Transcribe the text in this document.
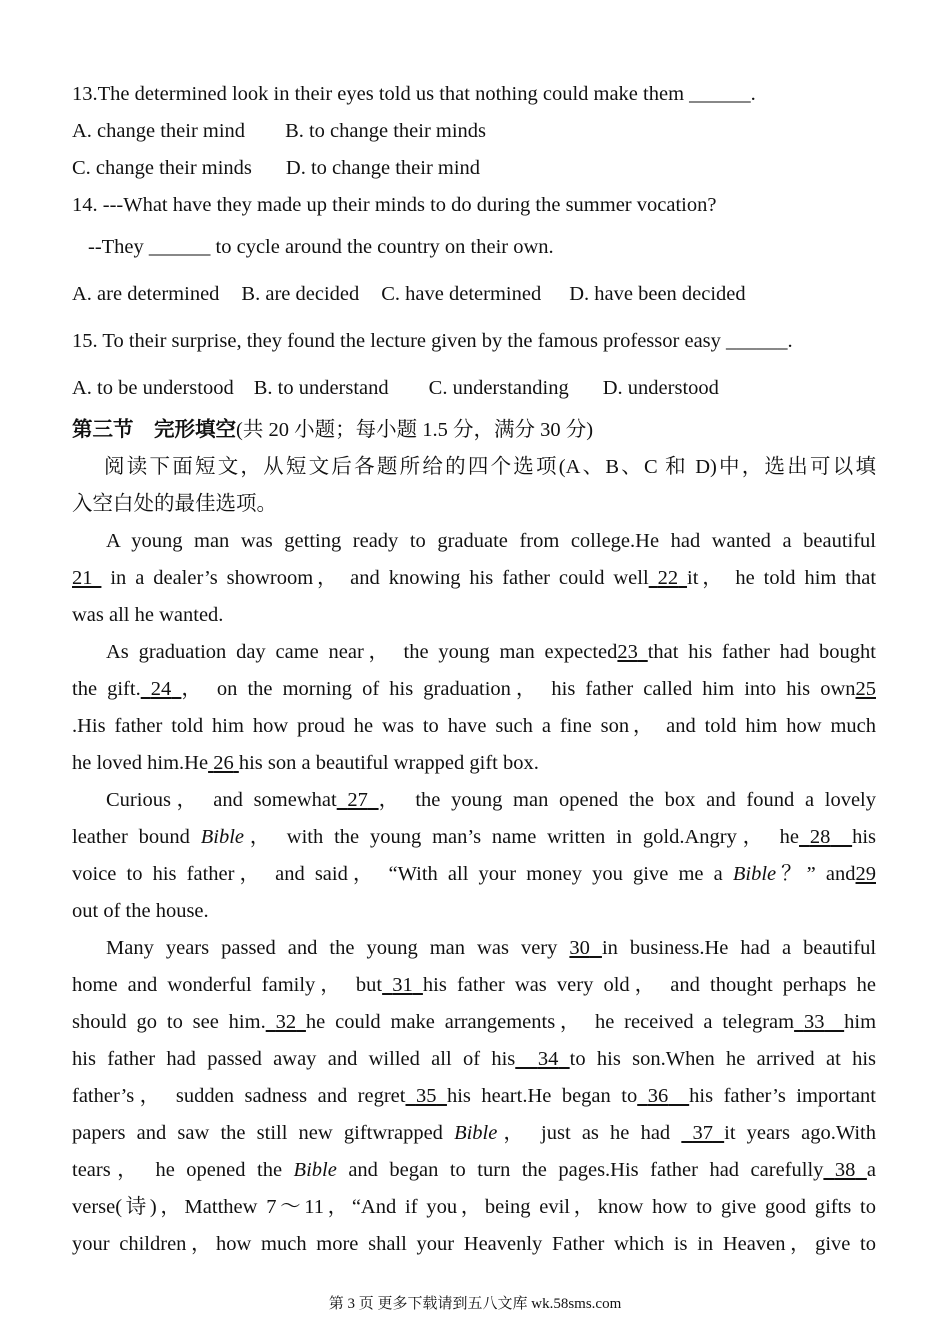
13.The determined look in their eyes told us that nothing could make them ______.
A. change their mind B. to change their minds
C. change their minds D. to change their mind
14. ---What have they made up their minds to do during the summer vocation?
--They ______ to cycle around the country on their own.
A. are determined B. are decided C. have determined D. have been decided
15. To their surprise, they found the lecture given by the famous professor easy ______.
A. to be understood B. to understand C. understanding D. understood
第三节　完形填空(共 20 小题；每小题 1.5 分，满分 30 分)
阅读下面短文，从短文后各题所给的四个选项(A、B、C 和 D)中，选出可以填
入空白处的最佳选项。
A young man was getting ready to graduate from college.He had wanted a beautiful
21 in a dealer’s showroom， and knowing his father could well 22 it， he told him that
was all he wanted.
As graduation day came near， the young man expected23 that his father had bought
the gift. 24 ， on the morning of his graduation， his father called him into his own25
.His father told him how proud he was to have such a fine son， and told him how much
he loved him.He 26 his son a beautiful wrapped gift box.
Curious， and somewhat 27 ， the young man opened the box and found a lovely
leather bound Bible， with the young man’s name written in gold.Angry， he 28 his
voice to his father， and said， “With all your money you give me a Bible？” and29
out of the house.
Many years passed and the young man was very 30 in business.He had a beautiful
home and wonderful family， but 31 his father was very old， and thought perhaps he
should go to see him. 32 he could make arrangements， he received a telegram 33 him
his father had passed away and willed all of his 34 to his son.When he arrived at his
father’s， sudden sadness and regret 35 his heart.He began to 36 his father’s important
papers and saw the still new giftwrapped Bible， just as he had 37 it years ago.With
tears， he opened the Bible and began to turn the pages.His father had carefully 38 a
verse(诗)，Matthew 7～11，“And if you，being evil，know how to give good gifts to
your children，how much more shall your Heavenly Father which is in Heaven，give to
第 3 页 更多下载请到五八文库 wk.58sms.com
